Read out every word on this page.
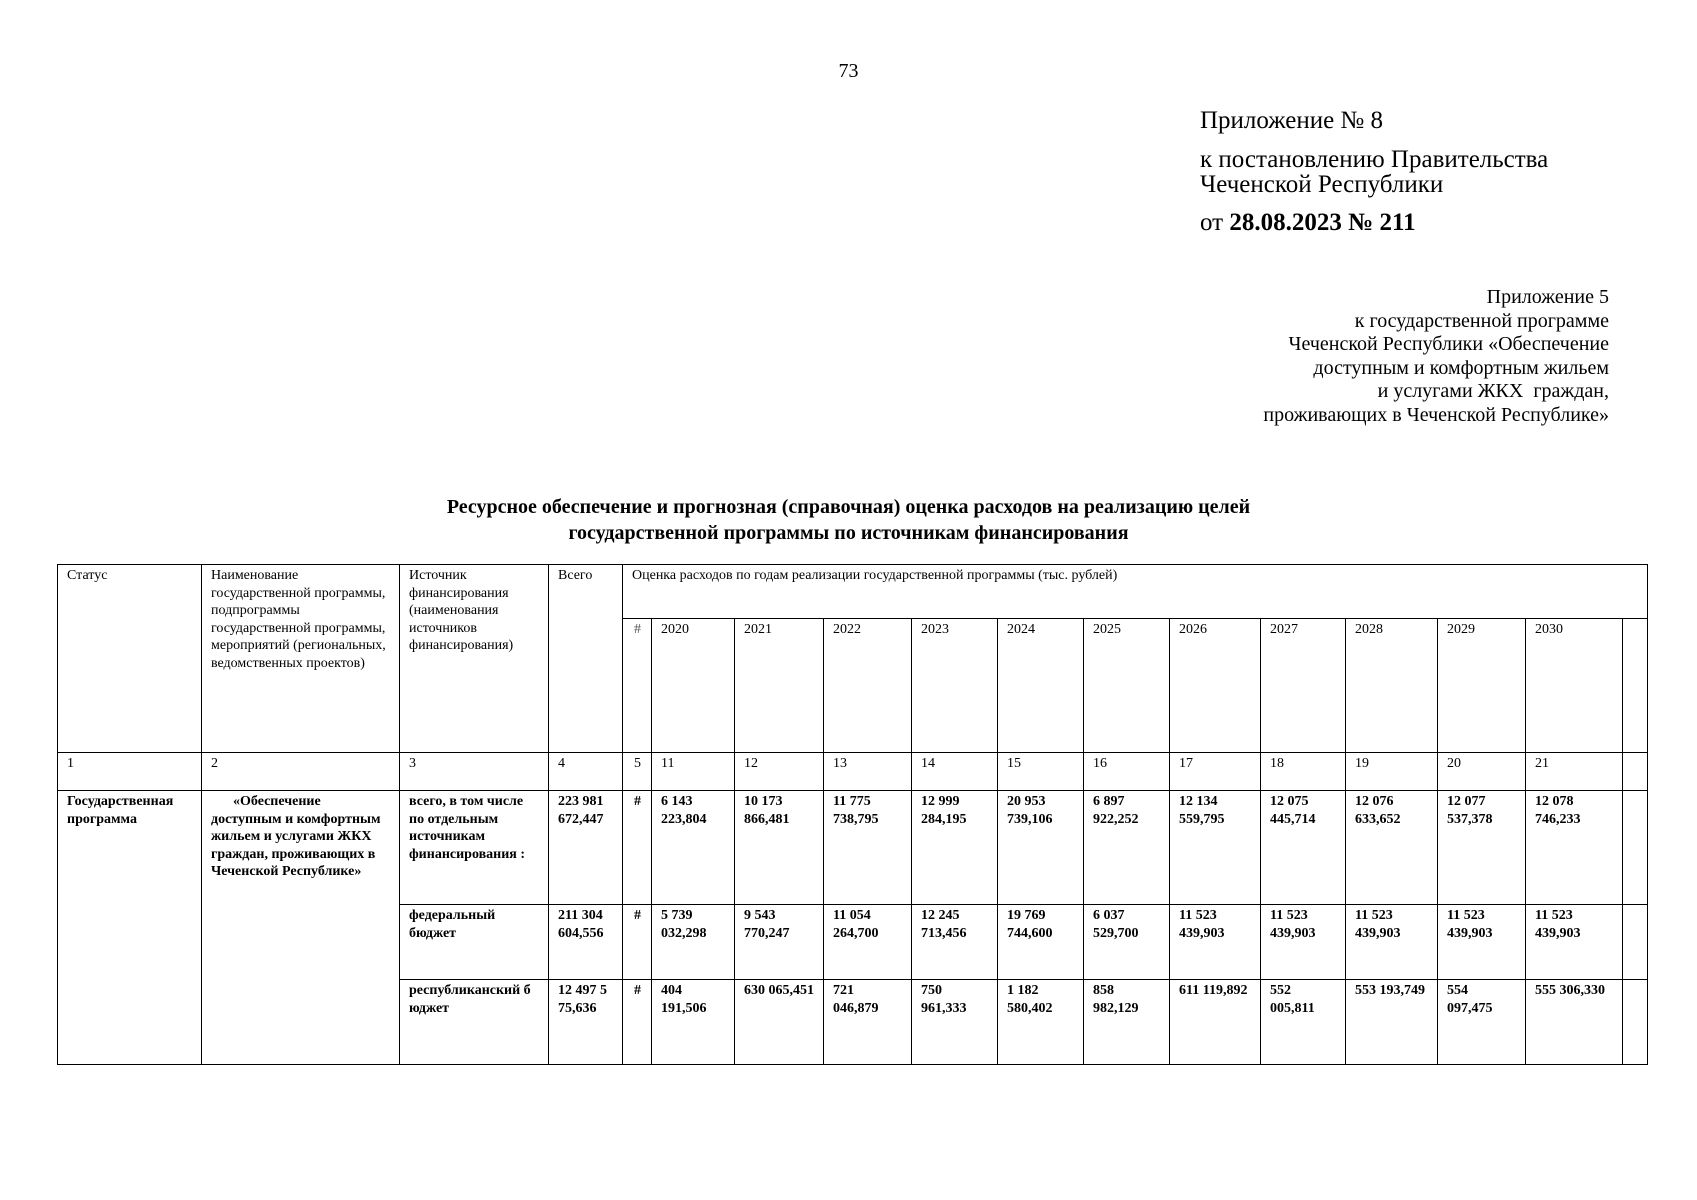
73
Приложение № 8
к постановлению Правительства
Чеченской Республики
от 28.08.2023 № 211
Приложение 5
к государственной программе
Чеченской Республики «Обеспечение
доступным и комфортным жильем
и услугами ЖКХ  граждан,
проживающих в Чеченской Республике»
Ресурсное обеспечение и прогнозная (справочная) оценка расходов на реализацию целей
государственной программы по источникам финансирования
Статус	Наименование государственной программы, подпрограммы государственной программы, мероприятий (региональных, ведомственных проектов)	Источник финансирования (наименования источников финансирования)	Всего	Оценка расходов по годам реализации государственной программы (тыс. рублей)												
				#	2020	2021	2022	2023	2024	2025	2026	2027	2028	2029	2030	
1	2	3	4	5	11	12	13	14	15	16	17	18	19	20	21	
Государственная программа	«Обеспечение доступным и комфортным жильем и услугами ЖКХ граждан, проживающих в Чеченской Республике»	всего, в том числе по отдельным источникам финансирования :	223 981 672,447	#	6 143 223,804	10 173 866,481	11 775 738,795	12 999 284,195	20 953 739,106	6 897 922,252	12 134 559,795	12 075 445,714	12 076 633,652	12 077 537,378	12 078 746,233	
		федеральный бюджет	211 304 604,556	#	5 739 032,298	9 543 770,247	11 054 264,700	12 245 713,456	19 769 744,600	6 037 529,700	11 523 439,903	11 523 439,903	11 523 439,903	11 523 439,903	11 523 439,903	
		республиканский бюджет	12 497 575,636	#	404 191,506	630 065,451	721 046,879	750 961,333	1 182 580,402	858 982,129	611 119,892	552 005,811	553 193,749	554 097,475	555 306,330	
